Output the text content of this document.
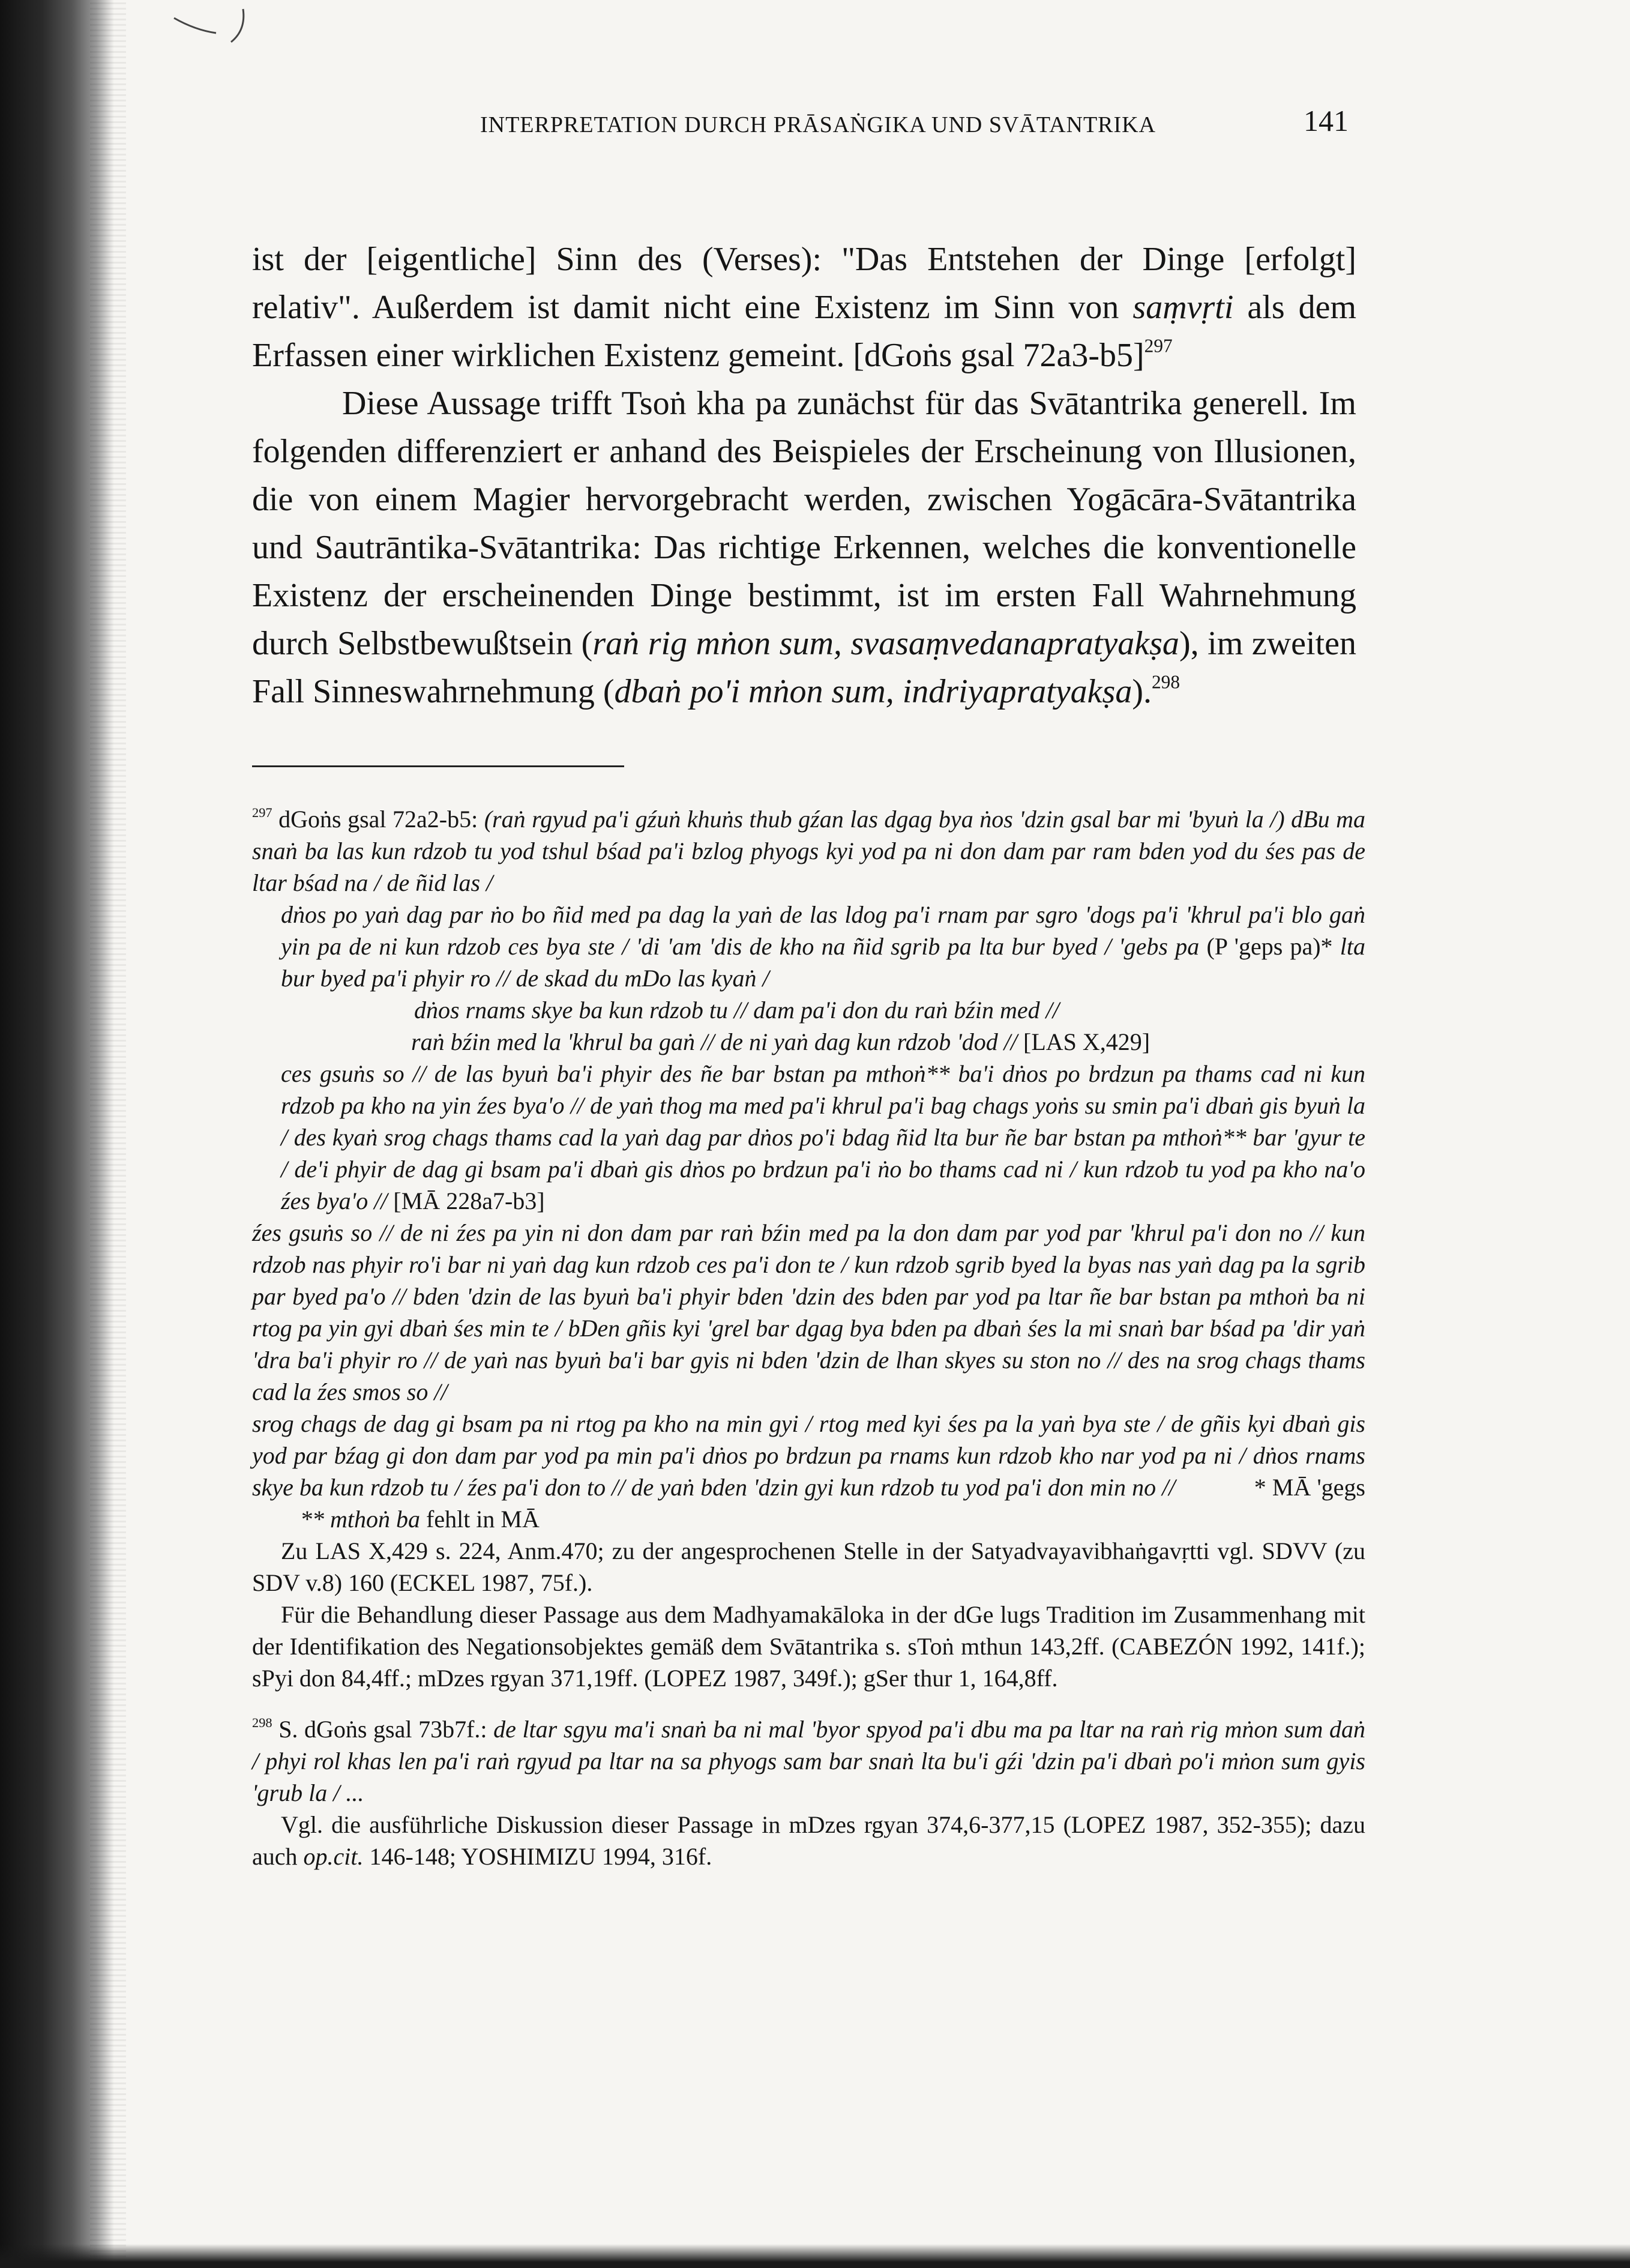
INTERPRETATION DURCH PRĀSAṄGIKA UND SVĀTANTRIKA	141

ist der [eigentliche] Sinn des (Verses): "Das Entstehen der Dinge [erfolgt] relativ". Außerdem ist damit nicht eine Existenz im Sinn von saṃvṛti als dem Erfassen einer wirklichen Existenz gemeint. [dGoṅs gsal 72a3-b5]$^{297}$

Diese Aussage trifft Tsoṅ kha pa zunächst für das Svātantrika generell. Im folgenden differenziert er anhand des Beispieles der Erscheinung von Illusionen, die von einem Magier hervorgebracht werden, zwischen Yogācāra-Svātantrika und Sautrāntika-Svātantrika: Das richtige Erkennen, welches die konventionelle Existenz der erscheinenden Dinge bestimmt, ist im ersten Fall Wahrnehmung durch Selbstbewußtsein (raṅ rig mṅon sum, svasaṃvedanapratyakṣa), im zweiten Fall Sinneswahrnehmung (dbaṅ po'i mṅon sum, indriyapratyakṣa).$^{298}$

$^{297}$ dGoṅs gsal 72a2-b5: (raṅ rgyud pa'i gźuṅ khuṅs thub gźan las dgag bya ṅos 'dzin gsal bar mi 'byuṅ la /) dBu ma snaṅ ba las kun rdzob tu yod tshul bśad pa'i bzlog phyogs kyi yod pa ni don dam par ram bden yod du śes pas de ltar bśad na / de ñid las /

dṅos po yaṅ dag par ṅo bo ñid med pa dag la yaṅ de las ldog pa'i rnam par sgro 'dogs pa'i 'khrul pa'i blo gaṅ yin pa de ni kun rdzob ces bya ste / 'di 'am 'dis de kho na ñid sgrib pa lta bur byed / 'gebs pa (P 'geps pa)* lta bur byed pa'i phyir ro // de skad du mDo las kyaṅ /

dṅos rnams skye ba kun rdzob tu // dam pa'i don du raṅ bźin med //

raṅ bźin med la 'khrul ba gaṅ // de ni yaṅ dag kun rdzob 'dod // [LAS X,429]

ces gsuṅs so // de las byuṅ ba'i phyir des ñe bar bstan pa mthoṅ** ba'i dṅos po brdzun pa thams cad ni kun rdzob pa kho na yin źes bya'o // de yaṅ thog ma med pa'i khrul pa'i bag chags yoṅs su smin pa'i dbaṅ gis byuṅ la / des kyaṅ srog chags thams cad la yaṅ dag par dṅos po'i bdag ñid lta bur ñe bar bstan pa mthoṅ** bar 'gyur te / de'i phyir de dag gi bsam pa'i dbaṅ gis dṅos po brdzun pa'i ṅo bo thams cad ni / kun rdzob tu yod pa kho na'o źes bya'o // [MĀ 228a7-b3]

źes gsuṅs so // de ni źes pa yin ni don dam par raṅ bźin med pa la don dam par yod par 'khrul pa'i don no // kun rdzob nas phyir ro'i bar ni yaṅ dag kun rdzob ces pa'i don te / kun rdzob sgrib byed la byas nas yaṅ dag pa la sgrib par byed pa'o // bden 'dzin de las byuṅ ba'i phyir bden 'dzin des bden par yod pa ltar ñe bar bstan pa mthoṅ ba ni rtog pa yin gyi dbaṅ śes min te / bDen gñis kyi 'grel bar dgag bya bden pa dbaṅ śes la mi snaṅ bar bśad pa 'dir yaṅ 'dra ba'i phyir ro // de yaṅ nas byuṅ ba'i bar gyis ni bden 'dzin de lhan skyes su ston no // des na srog chags thams cad la źes smos so //

srog chags de dag gi bsam pa ni rtog pa kho na min gyi / rtog med kyi śes pa la yaṅ bya ste / de gñis kyi dbaṅ gis yod par bźag gi don dam par yod pa min pa'i dṅos po brdzun pa rnams kun rdzob kho nar yod pa ni / dṅos rnams skye ba kun rdzob tu / źes pa'i don to // de yaṅ bden 'dzin gyi kun rdzob tu yod pa'i don min no //	* MĀ 'gegs         ** mthoṅ ba fehlt in MĀ

Zu LAS X,429 s. 224, Anm.470; zu der angesprochenen Stelle in der Satyadvayavibhaṅgavṛtti vgl. SDVV (zu SDV v.8) 160 (ECKEL 1987, 75f.).

Für die Behandlung dieser Passage aus dem Madhyamakāloka in der dGe lugs Tradition im Zusammenhang mit der Identifikation des Negationsobjektes gemäß dem Svātantrika s. sToṅ mthun 143,2ff. (CABEZÓN 1992, 141f.); sPyi don 84,4ff.; mDzes rgyan 371,19ff. (LOPEZ 1987, 349f.); gSer thur 1, 164,8ff.

$^{298}$ S. dGoṅs gsal 73b7f.: de ltar sgyu ma'i snaṅ ba ni mal 'byor spyod pa'i dbu ma pa ltar na raṅ rig mṅon sum daṅ / phyi rol khas len pa'i raṅ rgyud pa ltar na sa phyogs sam bar snaṅ lta bu'i gźi 'dzin pa'i dbaṅ po'i mṅon sum gyis 'grub la / ...

Vgl. die ausführliche Diskussion dieser Passage in mDzes rgyan 374,6-377,15 (LOPEZ 1987, 352-355); dazu auch op.cit. 146-148; YOSHIMIZU 1994, 316f.
